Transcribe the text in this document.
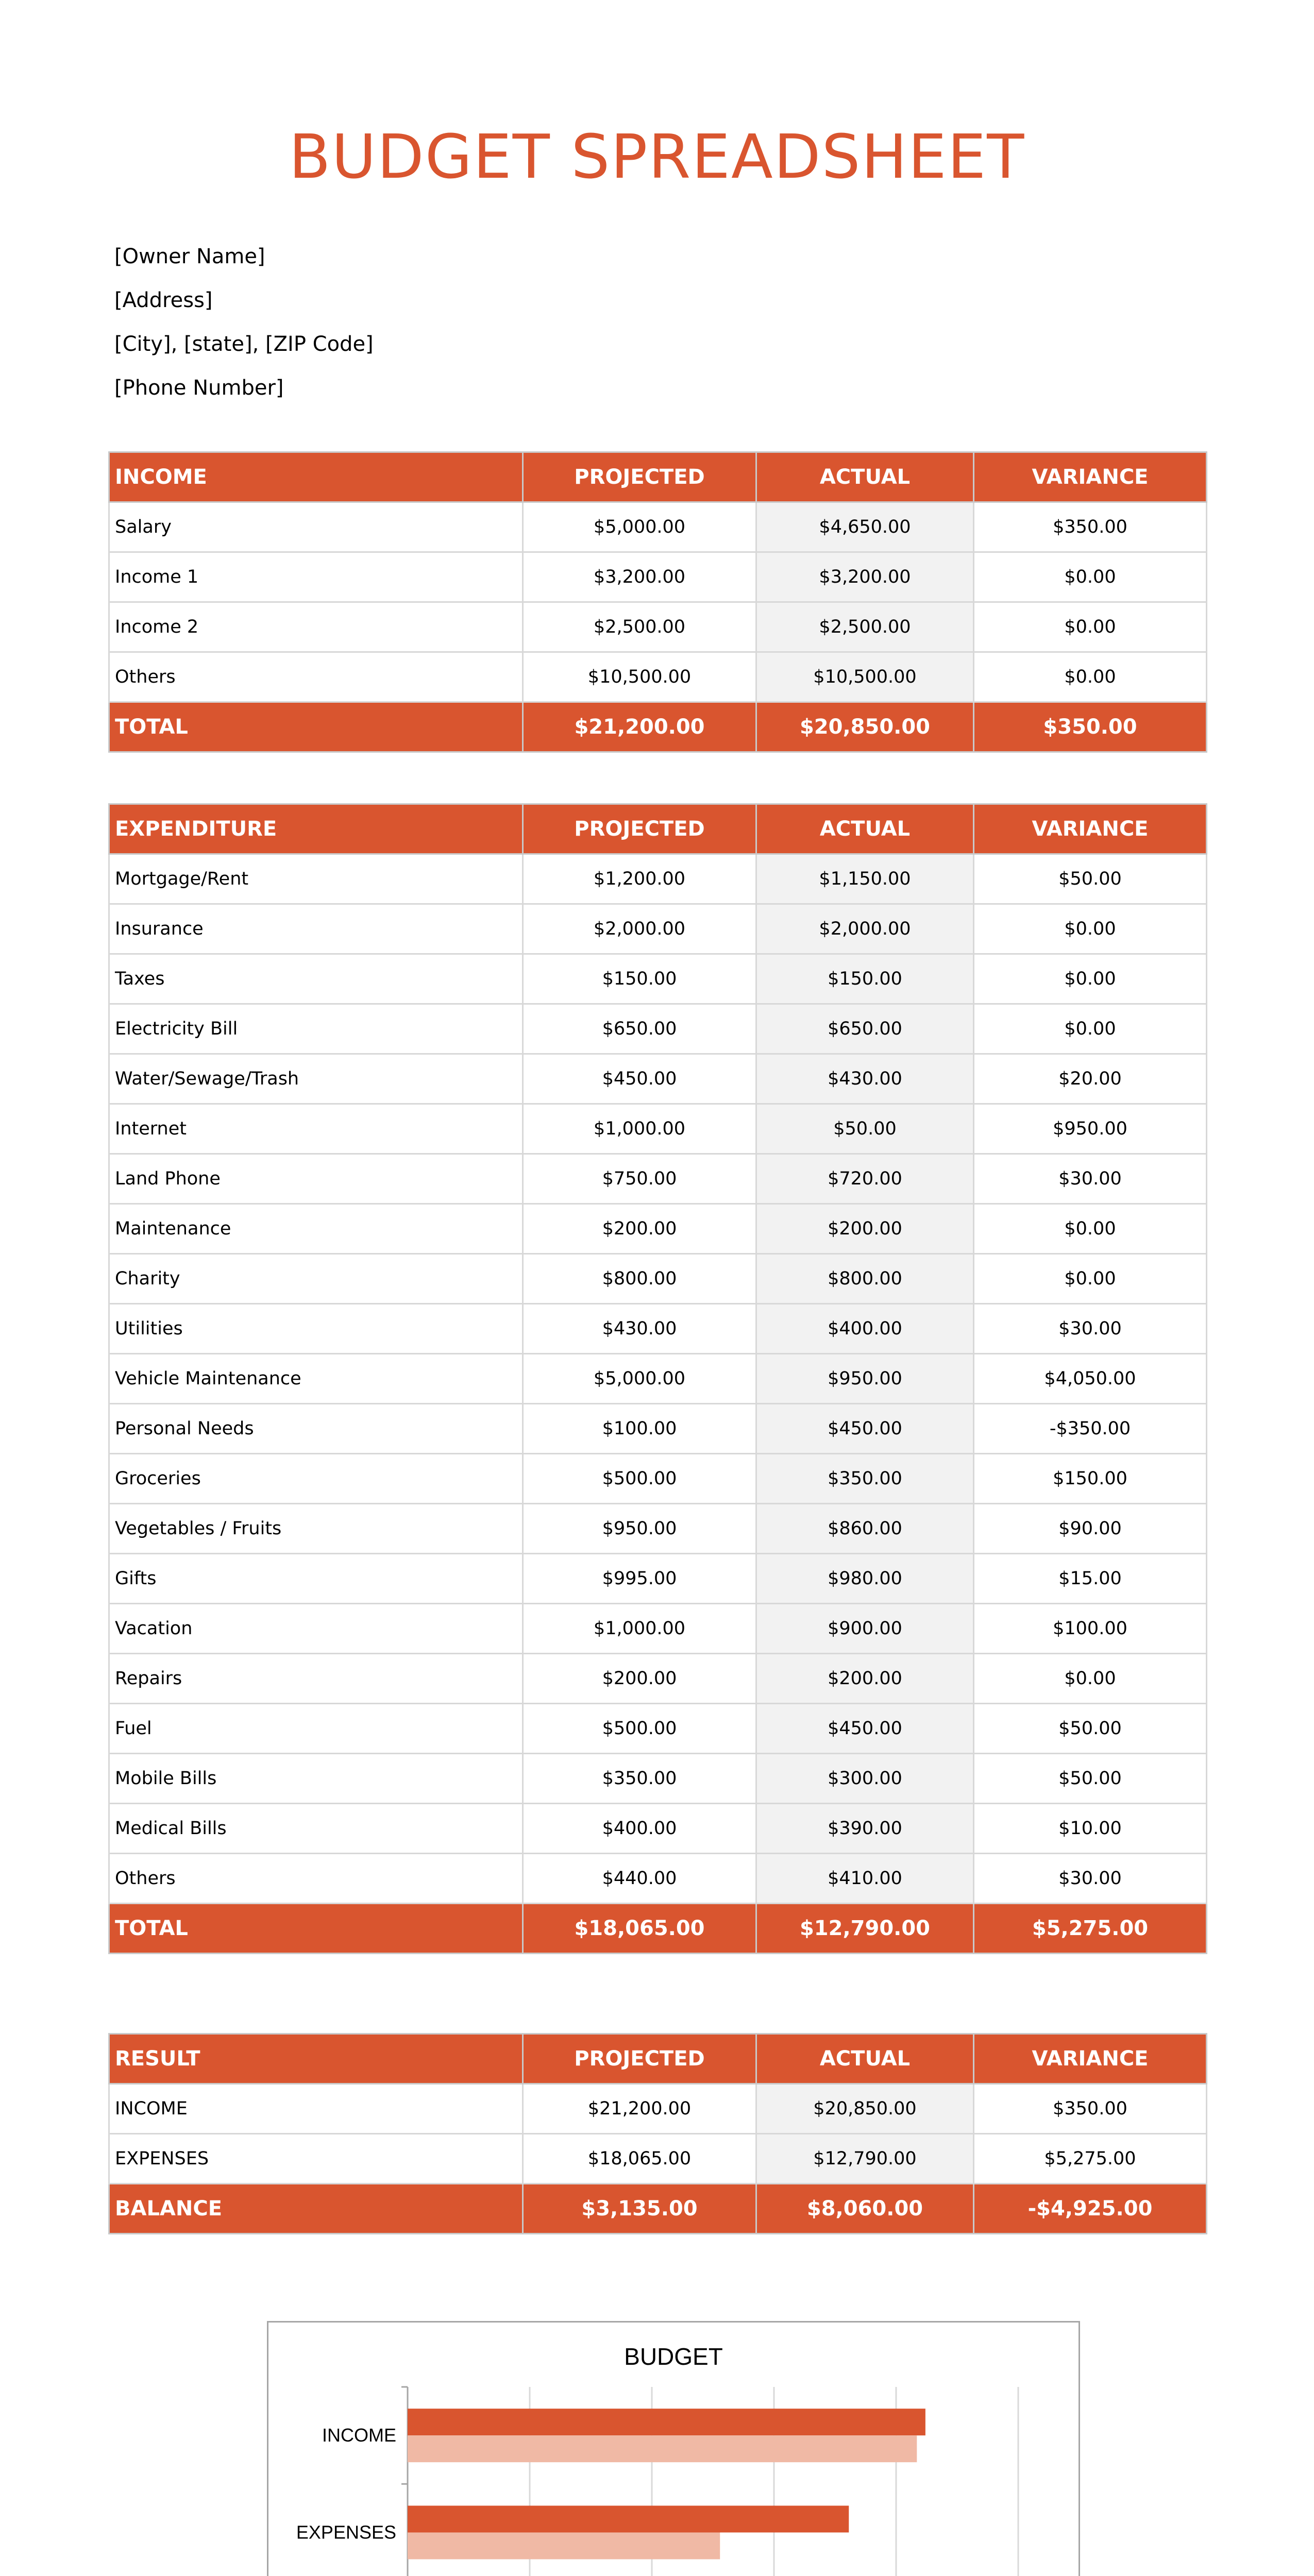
BUDGET SPREADSHEET
[Owner Name]
[Address]
[City], [state], [ZIP Code]
[Phone Number]
INCOME	PROJECTED	ACTUAL	VARIANCE
Salary	$5,000.00	$4,650.00	$350.00
Income 1	$3,200.00	$3,200.00	$0.00
Income 2	$2,500.00	$2,500.00	$0.00
Others	$10,500.00	$10,500.00	$0.00
TOTAL	$21,200.00	$20,850.00	$350.00
EXPENDITURE	PROJECTED	ACTUAL	VARIANCE
Mortgage/Rent	$1,200.00	$1,150.00	$50.00
Insurance	$2,000.00	$2,000.00	$0.00
Taxes	$150.00	$150.00	$0.00
Electricity Bill	$650.00	$650.00	$0.00
Water/Sewage/Trash	$450.00	$430.00	$20.00
Internet	$1,000.00	$50.00	$950.00
Land Phone	$750.00	$720.00	$30.00
Maintenance	$200.00	$200.00	$0.00
Charity	$800.00	$800.00	$0.00
Utilities	$430.00	$400.00	$30.00
Vehicle Maintenance	$5,000.00	$950.00	$4,050.00
Personal Needs	$100.00	$450.00	-$350.00
Groceries	$500.00	$350.00	$150.00
Vegetables / Fruits	$950.00	$860.00	$90.00
Gifts	$995.00	$980.00	$15.00
Vacation	$1,000.00	$900.00	$100.00
Repairs	$200.00	$200.00	$0.00
Fuel	$500.00	$450.00	$50.00
Mobile Bills	$350.00	$300.00	$50.00
Medical Bills	$400.00	$390.00	$10.00
Others	$440.00	$410.00	$30.00
TOTAL	$18,065.00	$12,790.00	$5,275.00
RESULT	PROJECTED	ACTUAL	VARIANCE
INCOME	$21,200.00	$20,850.00	$350.00
EXPENSES	$18,065.00	$12,790.00	$5,275.00
BALANCE	$3,135.00	$8,060.00	-$4,925.00
BUDGET
INCOME
EXPENSES
